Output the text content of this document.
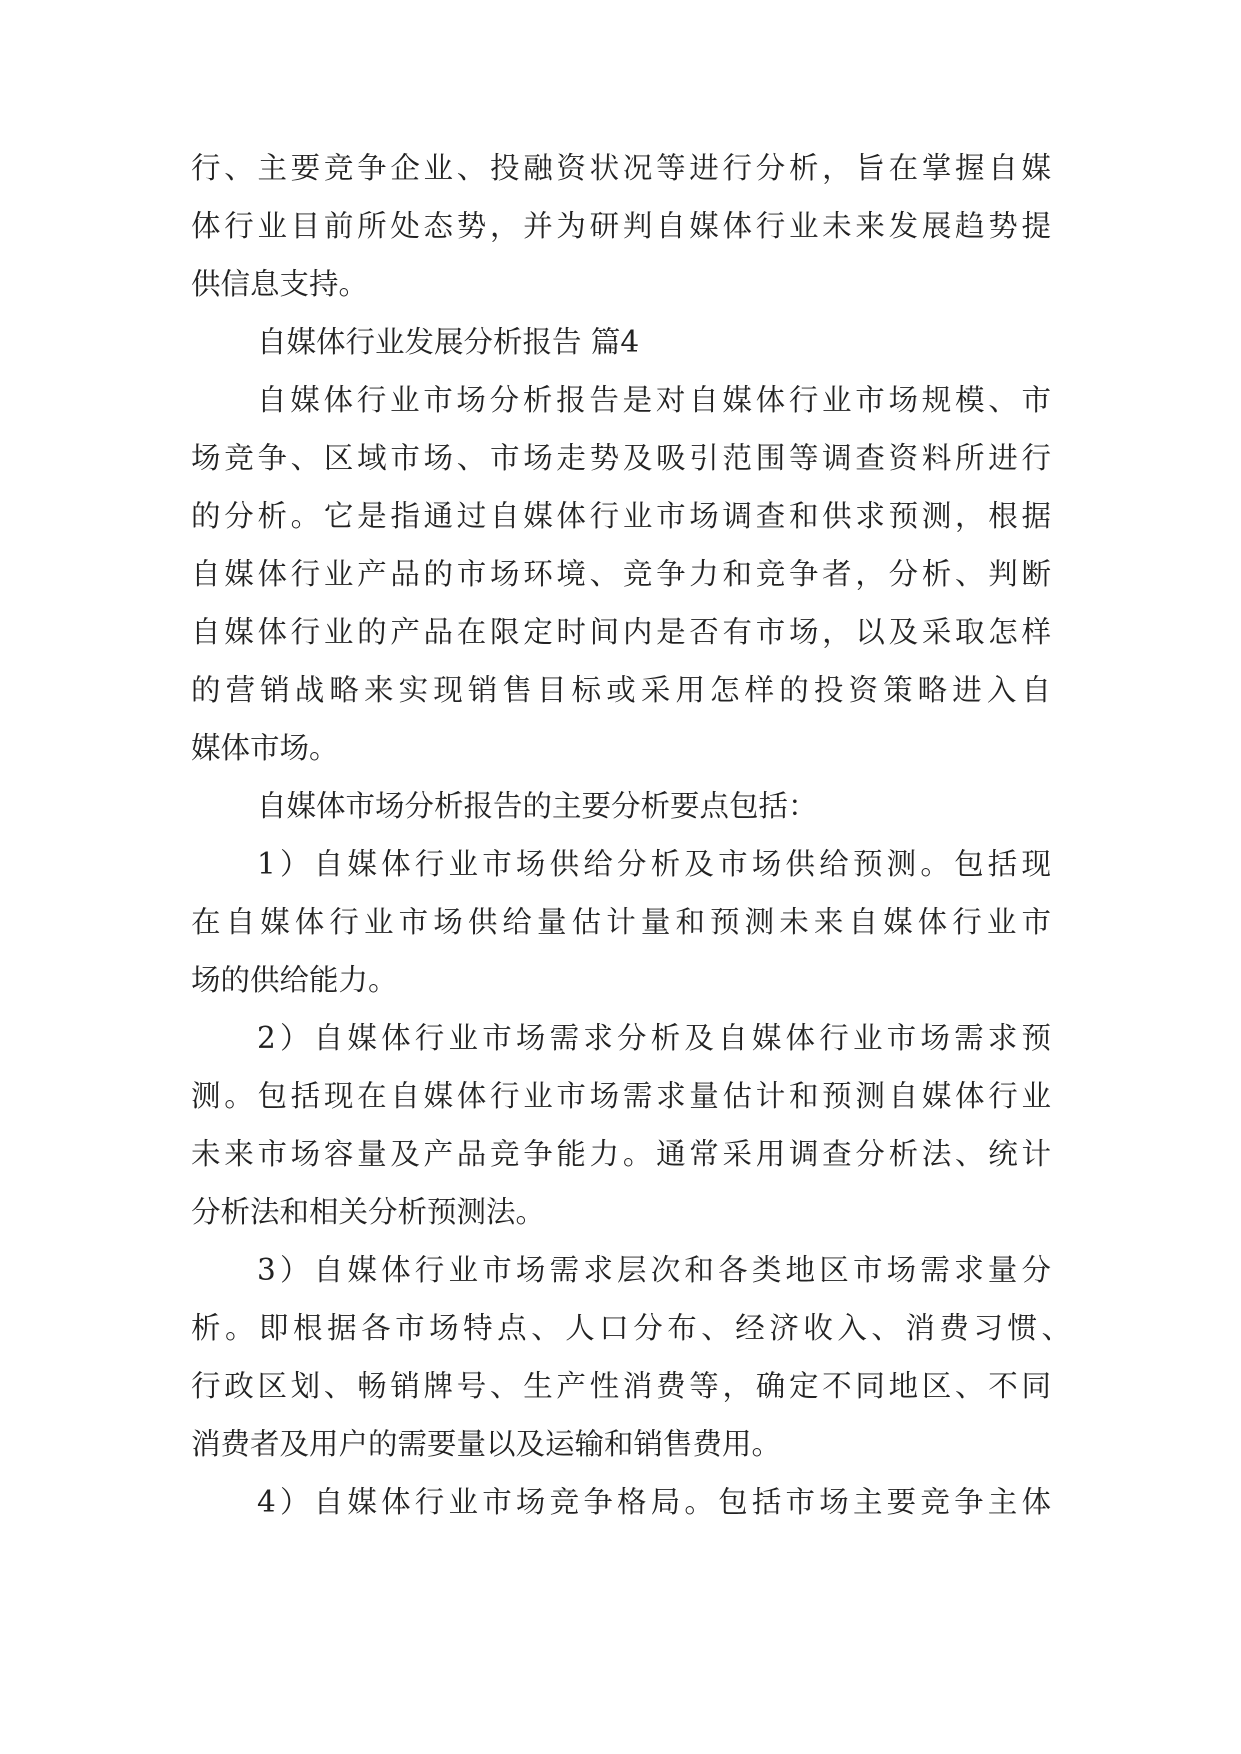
行、主要竞争企业、投融资状况等进行分析，旨在掌握自媒
体行业目前所处态势，并为研判自媒体行业未来发展趋势提
供信息支持。
自媒体行业发展分析报告 篇4
自媒体行业市场分析报告是对自媒体行业市场规模、市
场竞争、区域市场、市场走势及吸引范围等调查资料所进行
的分析。它是指通过自媒体行业市场调查和供求预测，根据
自媒体行业产品的市场环境、竞争力和竞争者，分析、判断
自媒体行业的产品在限定时间内是否有市场，以及采取怎样
的营销战略来实现销售目标或采用怎样的投资策略进入自
媒体市场。
自媒体市场分析报告的主要分析要点包括：
1）自媒体行业市场供给分析及市场供给预测。包括现
在自媒体行业市场供给量估计量和预测未来自媒体行业市
场的供给能力。
2）自媒体行业市场需求分析及自媒体行业市场需求预
测。包括现在自媒体行业市场需求量估计和预测自媒体行业
未来市场容量及产品竞争能力。通常采用调查分析法、统计
分析法和相关分析预测法。
3）自媒体行业市场需求层次和各类地区市场需求量分
析。即根据各市场特点、人口分布、经济收入、消费习惯、
行政区划、畅销牌号、生产性消费等，确定不同地区、不同
消费者及用户的需要量以及运输和销售费用。
4）自媒体行业市场竞争格局。包括市场主要竞争主体
